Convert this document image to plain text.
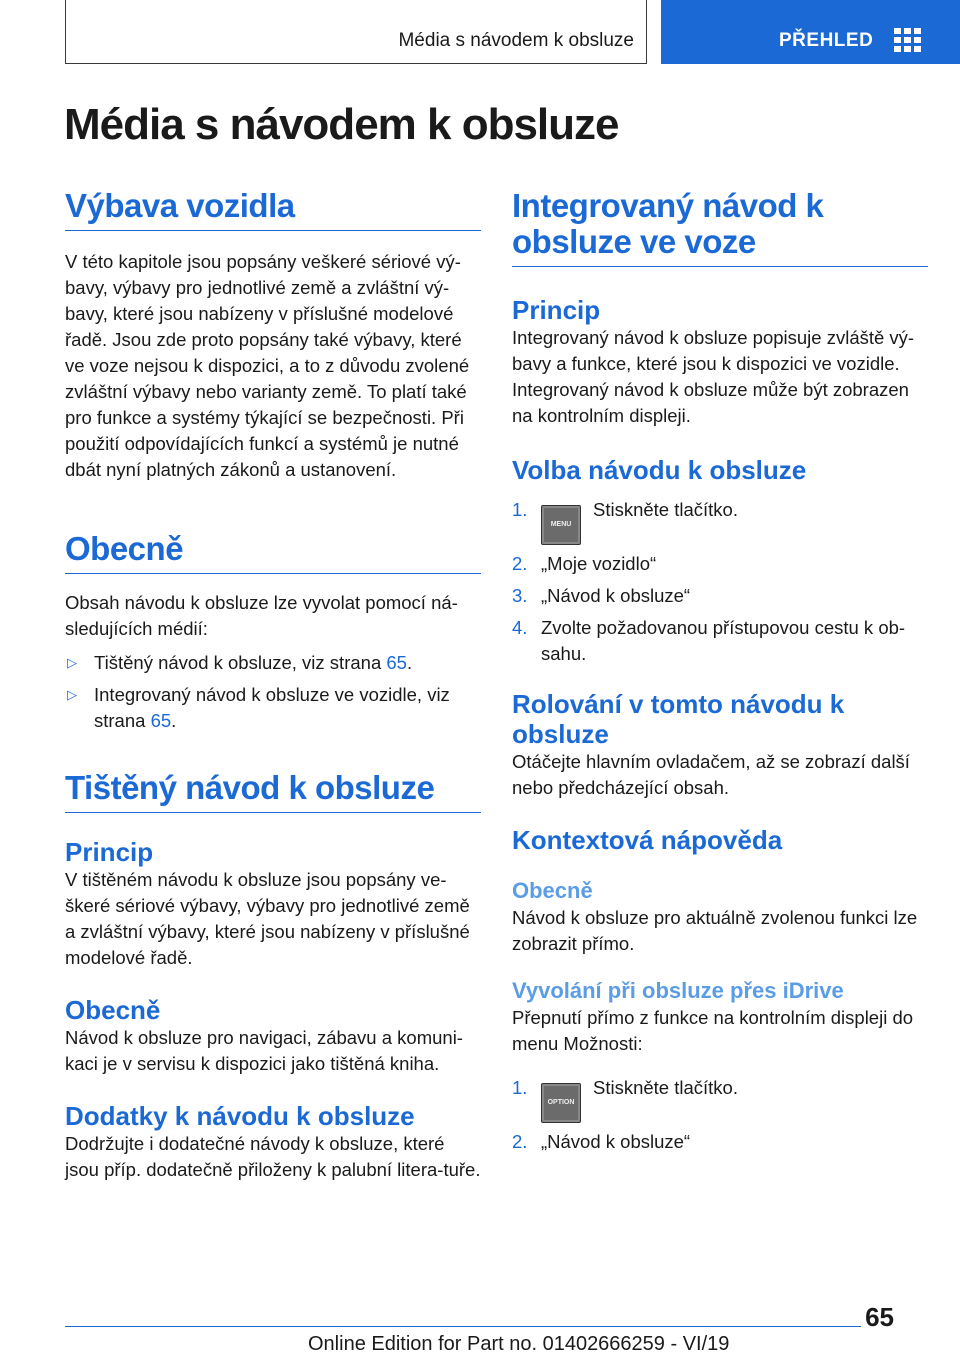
Média s návodem k obsluze	PŘEHLED
Média s návodem k obsluze
Výbava vozidla

V této kapitole jsou popsány veškeré sériové vý-bavy, výbavy pro jednotlivé země a zvláštní vý-bavy, které jsou nabízeny v příslušné modelové řadě. Jsou zde proto popsány také výbavy, které ve voze nejsou k dispozici, a to z důvodu zvolené zvláštní výbavy nebo varianty země. To platí také pro funkce a systémy týkající se bezpečnosti. Při použití odpovídajících funkcí a systémů je nutné dbát nyní platných zákonů a ustanovení.

Obecně

Obsah návodu k obsluze lze vyvolat pomocí ná-sledujících médií:

▷ Tištěný návod k obsluze, viz strana 65.
▷ Integrovaný návod k obsluze ve vozidle, viz strana 65.
Tištěný návod k obsluze
Princip

V tištěném návodu k obsluze jsou popsány ve-škeré sériové výbavy, výbavy pro jednotlivé země a zvláštní výbavy, které jsou nabízeny v příslušné modelové řadě.

Obecně

Návod k obsluze pro navigaci, zábavu a komuni-kaci je v servisu k dispozici jako tištěná kniha.

Dodatky k návodu k obsluze

Dodržujte i dodatečné návody k obsluze, které jsou příp. dodatečně přiloženy k palubní litera-tuře.

Integrovaný návod k obsluze ve voze
Princip

Integrovaný návod k obsluze popisuje zvláště vý-bavy a funkce, které jsou k dispozici ve vozidle. Integrovaný návod k obsluze může být zobrazen na kontrolním displeji.

Volba návodu k obsluze
1.
MENUStiskněte tlačítko.
2. „Moje vozidlo“
3. „Návod k obsluze“
4. Zvolte požadovanou přístupovou cestu k ob-sahu.
Rolování v tomto návodu k obsluze

Otáčejte hlavním ovladačem, až se zobrazí další nebo předcházející obsah.

Kontextová nápověda
Obecně

Návod k obsluze pro aktuálně zvolenou funkci lze zobrazit přímo.

Vyvolání při obsluze přes iDrive

Přepnutí přímo z funkce na kontrolním displeji do menu Možnosti:

1.
OPTIONStiskněte tlačítko.
2. „Návod k obsluze“
65
Online Edition for Part no. 01402666259 - VI/19
